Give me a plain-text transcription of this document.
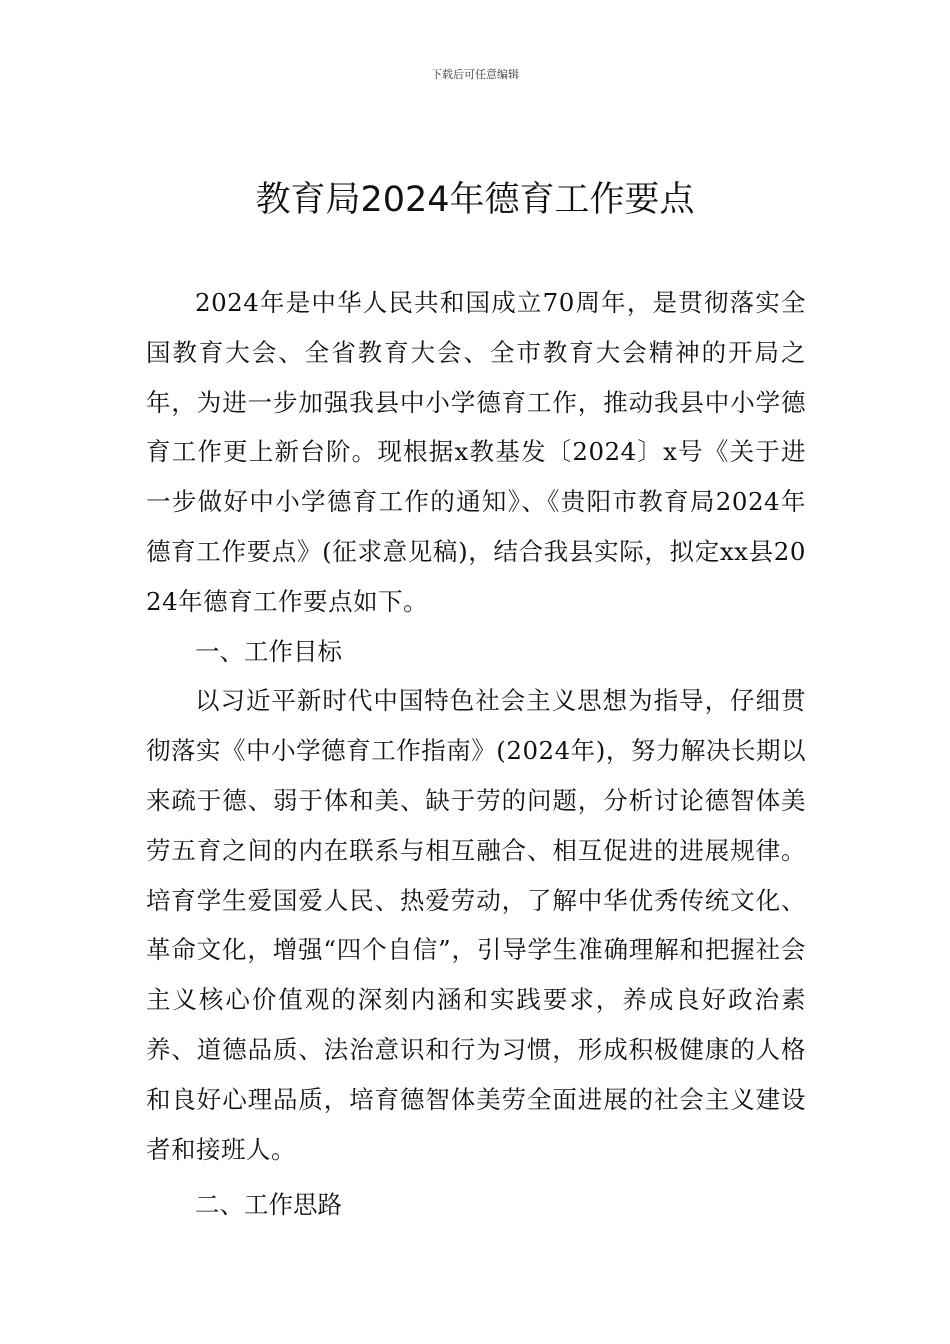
下载后可任意编辑
教育局2024年德育工作要点

2024年是中华人民共和国成立70周年，是贯彻落实全国教育大会、全省教育大会、全市教育大会精神的开局之年，为进一步加强我县中小学德育工作，推动我县中小学德育工作更上新台阶。现根据x教基发〔2024〕x号《关于进一步做好中小学德育工作的通知》、《贵阳市教育局2024年德育工作要点》(征求意见稿)，结合我县实际，拟定xx县2024年德育工作要点如下。

一、工作目标

以习近平新时代中国特色社会主义思想为指导，仔细贯彻落实《中小学德育工作指南》(2024年)，努力解决长期以来疏于德、弱于体和美、缺于劳的问题，分析讨论德智体美劳五育之间的内在联系与相互融合、相互促进的进展规律。培育学生爱国爱人民、热爱劳动，了解中华优秀传统文化、革命文化，增强“四个自信”，引导学生准确理解和把握社会主义核心价值观的深刻内涵和实践要求，养成良好政治素养、道德品质、法治意识和行为习惯，形成积极健康的人格和良好心理品质，培育德智体美劳全面进展的社会主义建设者和接班人。

二、工作思路
